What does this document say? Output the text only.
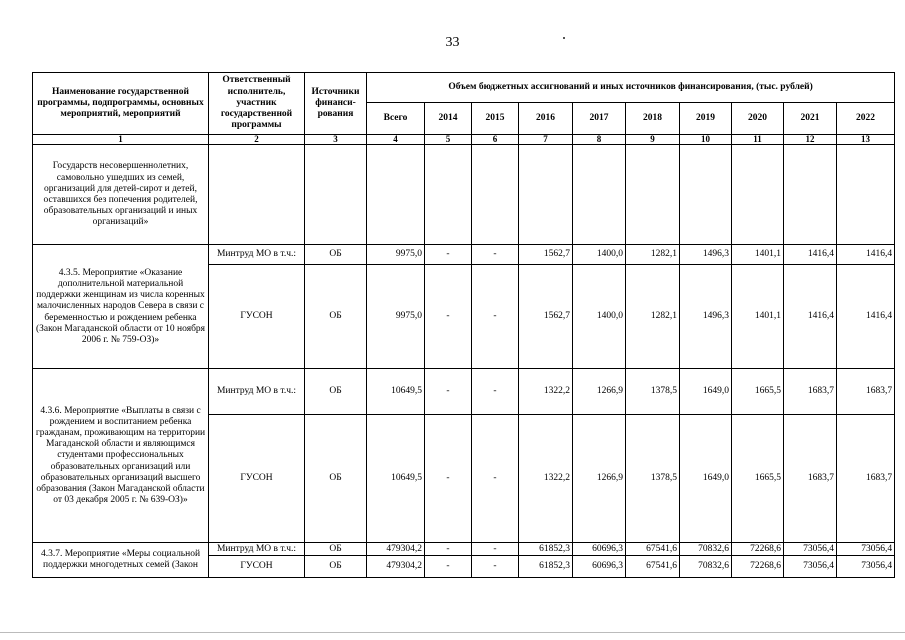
33
Наименование государственной программы, подпрограммы, основных мероприятий, мероприятий	Ответственный исполнитель, участник государственной программы	Источники финанси-рования	Объем бюджетных ассигнований и иных источников финансирования, (тыс. рублей)									
			Всего	2014	2015	2016	2017	2018	2019	2020	2021	2022
1	2	3	4	5	6	7	8	9	10	11	12	13
Государств несовершеннолетних, самовольно ушедших из семей, организаций для детей-сирот и детей, оставшихся без попечения родителей, образовательных организаций и иных организаций»												
4.3.5. Мероприятие «Оказание дополнительной материальной поддержки женщинам из числа коренных малочисленных народов Севера в связи с беременностью и рождением ребенка (Закон Магаданской области от 10 ноября 2006 г. № 759-ОЗ)»	Минтруд МО в т.ч.:	ОБ	9975,0	-	-	1562,7	1400,0	1282,1	1496,3	1401,1	1416,4	1416,4
	ГУСОН	ОБ	9975,0	-	-	1562,7	1400,0	1282,1	1496,3	1401,1	1416,4	1416,4
4.3.6. Мероприятие «Выплаты в связи с рождением и воспитанием ребенка гражданам, проживающим на территории Магаданской области и являющимся студентами профессиональных образовательных организаций или образовательных организаций высшего образования (Закон Магаданской области от 03 декабря 2005 г. № 639-ОЗ)»	Минтруд МО в т.ч.:	ОБ	10649,5	-	-	1322,2	1266,9	1378,5	1649,0	1665,5	1683,7	1683,7
	ГУСОН	ОБ	10649,5	-	-	1322,2	1266,9	1378,5	1649,0	1665,5	1683,7	1683,7
4.3.7. Мероприятие «Меры социальной поддержки многодетных семей (Закон	Минтруд МО в т.ч.:	ОБ	479304,2	-	-	61852,3	60696,3	67541,6	70832,6	72268,6	73056,4	73056,4
	ГУСОН	ОБ	479304,2	-	-	61852,3	60696,3	67541,6	70832,6	72268,6	73056,4	73056,4
